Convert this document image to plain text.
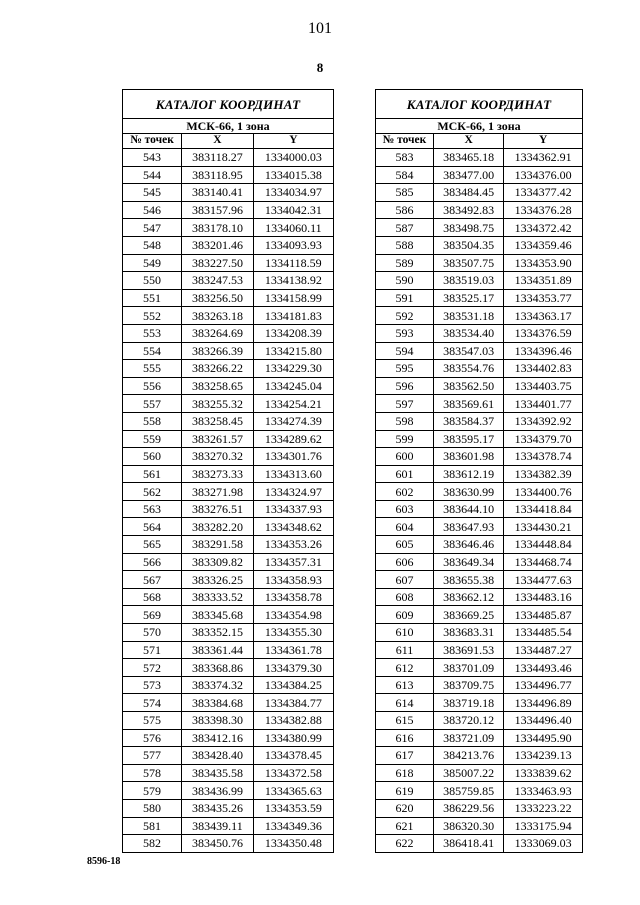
101
8
КАТАЛОГ КООРДИНАТ		
МСК-66, 1 зона		
№ точек	X	Y
543	383118.27	1334000.03
544	383118.95	1334015.38
545	383140.41	1334034.97
546	383157.96	1334042.31
547	383178.10	1334060.11
548	383201.46	1334093.93
549	383227.50	1334118.59
550	383247.53	1334138.92
551	383256.50	1334158.99
552	383263.18	1334181.83
553	383264.69	1334208.39
554	383266.39	1334215.80
555	383266.22	1334229.30
556	383258.65	1334245.04
557	383255.32	1334254.21
558	383258.45	1334274.39
559	383261.57	1334289.62
560	383270.32	1334301.76
561	383273.33	1334313.60
562	383271.98	1334324.97
563	383276.51	1334337.93
564	383282.20	1334348.62
565	383291.58	1334353.26
566	383309.82	1334357.31
567	383326.25	1334358.93
568	383333.52	1334358.78
569	383345.68	1334354.98
570	383352.15	1334355.30
571	383361.44	1334361.78
572	383368.86	1334379.30
573	383374.32	1334384.25
574	383384.68	1334384.77
575	383398.30	1334382.88
576	383412.16	1334380.99
577	383428.40	1334378.45
578	383435.58	1334372.58
579	383436.99	1334365.63
580	383435.26	1334353.59
581	383439.11	1334349.36
582	383450.76	1334350.48
КАТАЛОГ КООРДИНАТ		
МСК-66, 1 зона		
№ точек	X	Y
583	383465.18	1334362.91
584	383477.00	1334376.00
585	383484.45	1334377.42
586	383492.83	1334376.28
587	383498.75	1334372.42
588	383504.35	1334359.46
589	383507.75	1334353.90
590	383519.03	1334351.89
591	383525.17	1334353.77
592	383531.18	1334363.17
593	383534.40	1334376.59
594	383547.03	1334396.46
595	383554.76	1334402.83
596	383562.50	1334403.75
597	383569.61	1334401.77
598	383584.37	1334392.92
599	383595.17	1334379.70
600	383601.98	1334378.74
601	383612.19	1334382.39
602	383630.99	1334400.76
603	383644.10	1334418.84
604	383647.93	1334430.21
605	383646.46	1334448.84
606	383649.34	1334468.74
607	383655.38	1334477.63
608	383662.12	1334483.16
609	383669.25	1334485.87
610	383683.31	1334485.54
611	383691.53	1334487.27
612	383701.09	1334493.46
613	383709.75	1334496.77
614	383719.18	1334496.89
615	383720.12	1334496.40
616	383721.09	1334495.90
617	384213.76	1334239.13
618	385007.22	1333839.62
619	385759.85	1333463.93
620	386229.56	1333223.22
621	386320.30	1333175.94
622	386418.41	1333069.03
8596-18
